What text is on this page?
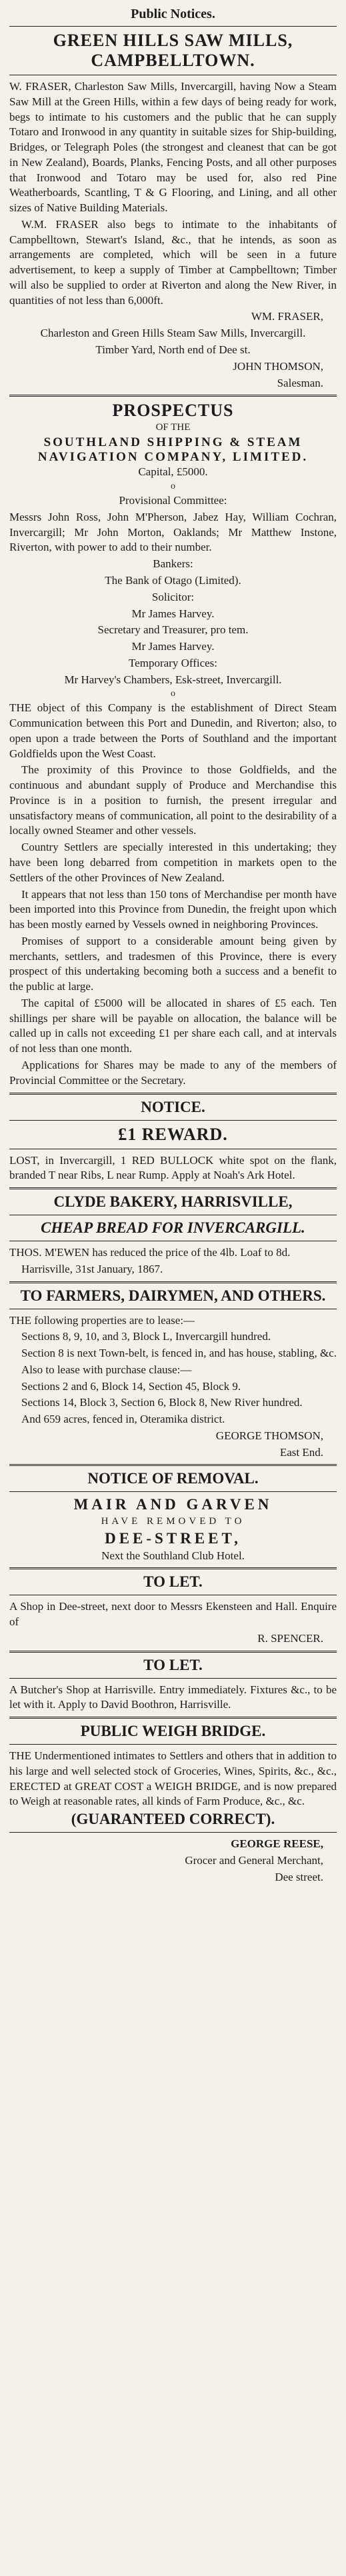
Public Notices.
GREEN HILLS SAW MILLS, CAMPBELLTOWN.

W. FRASER, Charleston Saw Mills, Invercargill, having Now a Steam Saw Mill at the Green Hills, within a few days of being ready for work, begs to intimate to his customers and the public that he can supply Totaro and Ironwood in any quantity in suitable sizes for Ship-building, Bridges, or Telegraph Poles (the strongest and cleanest that can be got in New Zealand), Boards, Planks, Fencing Posts, and all other purposes that Ironwood and Totaro may be used for, also red Pine Weatherboards, Scantling, T & G Flooring, and Lining, and all other sizes of Native Building Materials.

W.M. FRASER also begs to intimate to the inhabitants of Campbelltown, Stewart's Island, &c., that he intends, as soon as arrangements are completed, which will be seen in a future advertisement, to keep a supply of Timber at Campbelltown; Timber will also be supplied to order at Riverton and along the New River, in quantities of not less than 6,000ft.

WM. FRASER,
Charleston and Green Hills Steam Saw Mills, Invercargill.
Timber Yard, North end of Dee st.
JOHN THOMSON,
Salesman.
PROSPECTUS
OF THE
SOUTHLAND SHIPPING & STEAM NAVIGATION COMPANY, LIMITED.
Capital, £5000.
o
Provisional Committee:

Messrs John Ross, John M'Pherson, Jabez Hay, William Cochran, Invercargill; Mr John Morton, Oaklands; Mr Matthew Instone, Riverton, with power to add to their number.

Bankers:
The Bank of Otago (Limited).
Solicitor:
Mr James Harvey.
Secretary and Treasurer, pro tem.
Mr James Harvey.
Temporary Offices:
Mr Harvey's Chambers, Esk-street, Invercargill.
o

THE object of this Company is the establishment of Direct Steam Communication between this Port and Dunedin, and Riverton; also, to open upon a trade between the Ports of Southland and the important Goldfields upon the West Coast.

The proximity of this Province to those Goldfields, and the continuous and abundant supply of Produce and Merchandise this Province is in a position to furnish, the present irregular and unsatisfactory means of communication, all point to the desirability of a locally owned Steamer and other vessels.

Country Settlers are specially interested in this undertaking; they have been long debarred from competition in markets open to the Settlers of the other Provinces of New Zealand.

It appears that not less than 150 tons of Merchandise per month have been imported into this Province from Dunedin, the freight upon which has been mostly earned by Vessels owned in neighboring Provinces.

Promises of support to a considerable amount being given by merchants, settlers, and tradesmen of this Province, there is every prospect of this undertaking becoming both a success and a benefit to the public at large.

The capital of £5000 will be allocated in shares of £5 each. Ten shillings per share will be payable on allocation, the balance will be called up in calls not exceeding £1 per share each call, and at intervals of not less than one month.

Applications for Shares may be made to any of the members of Provincial Committee or the Secretary.

NOTICE.
£1 REWARD.

LOST, in Invercargill, 1 RED BULLOCK white spot on the flank, branded T near Ribs, L near Rump. Apply at Noah's Ark Hotel.

CLYDE BAKERY, HARRISVILLE,
CHEAP BREAD FOR INVERCARGILL.

THOS. M'EWEN has reduced the price of the 4lb. Loaf to 8d.

Harrisville, 31st January, 1867.

TO FARMERS, DAIRYMEN, AND OTHERS.

THE following properties are to lease:—

Sections 8, 9, 10, and 3, Block L, Invercargill hundred.

Section 8 is next Town-belt, is fenced in, and has house, stabling, &c.

Also to lease with purchase clause:—

Sections 2 and 6, Block 14, Section 45, Block 9.

Sections 14, Block 3, Section 6, Block 8, New River hundred.

And 659 acres, fenced in, Oteramika district.

GEORGE THOMSON,
East End.
NOTICE OF REMOVAL.
MAIR AND GARVEN
HAVE REMOVED TO
DEE-STREET,
Next the Southland Club Hotel.
TO LET.

A Shop in Dee-street, next door to Messrs Ekensteen and Hall. Enquire of

R. SPENCER.
TO LET.

A Butcher's Shop at Harrisville. Entry immediately. Fixtures &c., to be let with it. Apply to David Boothron, Harrisville.

PUBLIC WEIGH BRIDGE.

THE Undermentioned intimates to Settlers and others that in addition to his large and well selected stock of Groceries, Wines, Spirits, &c., &c., ERECTED at GREAT COST a WEIGH BRIDGE, and is now prepared to Weigh at reasonable rates, all kinds of Farm Produce, &c., &c.

(GUARANTEED CORRECT).
GEORGE REESE,
Grocer and General Merchant,
Dee street.
